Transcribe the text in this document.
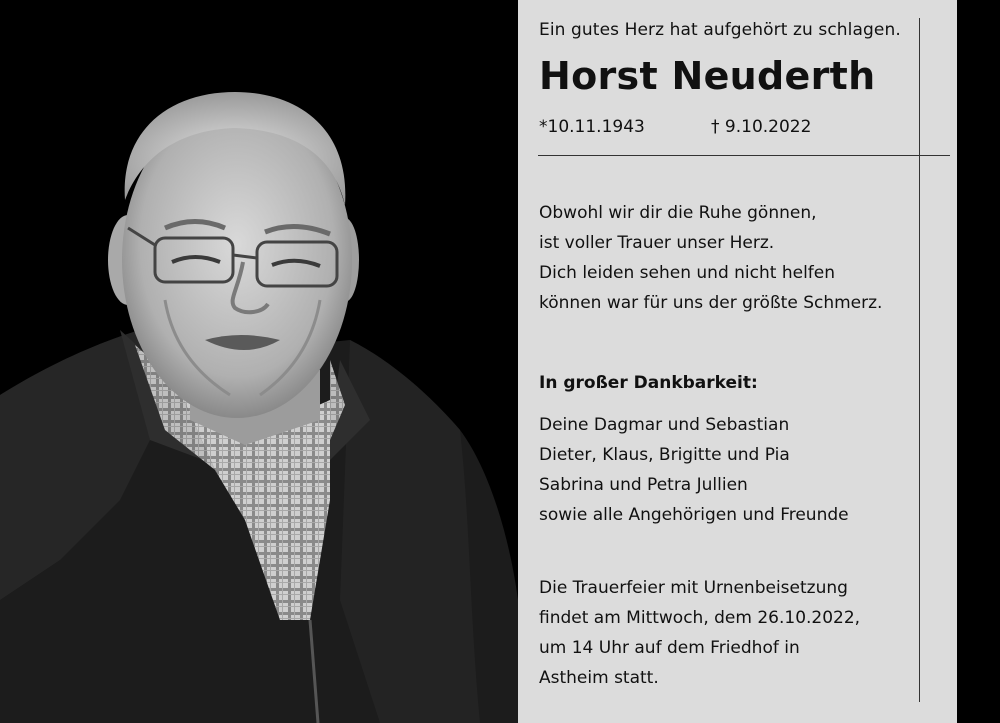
Ein gutes Herz hat aufgehört zu schlagen.
Horst Neuderth
*10.11.1943	† 9.10.2022
Obwohl wir dir die Ruhe gönnen,
ist voller Trauer unser Herz.
Dich leiden sehen und nicht helfen
können war für uns der größte Schmerz.
In großer Dankbarkeit:
Deine Dagmar und Sebastian
Dieter, Klaus, Brigitte und Pia
Sabrina und Petra Jullien
sowie alle Angehörigen und Freunde
Die Trauerfeier mit Urnenbeisetzung
findet am Mittwoch, dem 26.10.2022,
um 14 Uhr auf dem Friedhof in
Astheim statt.
